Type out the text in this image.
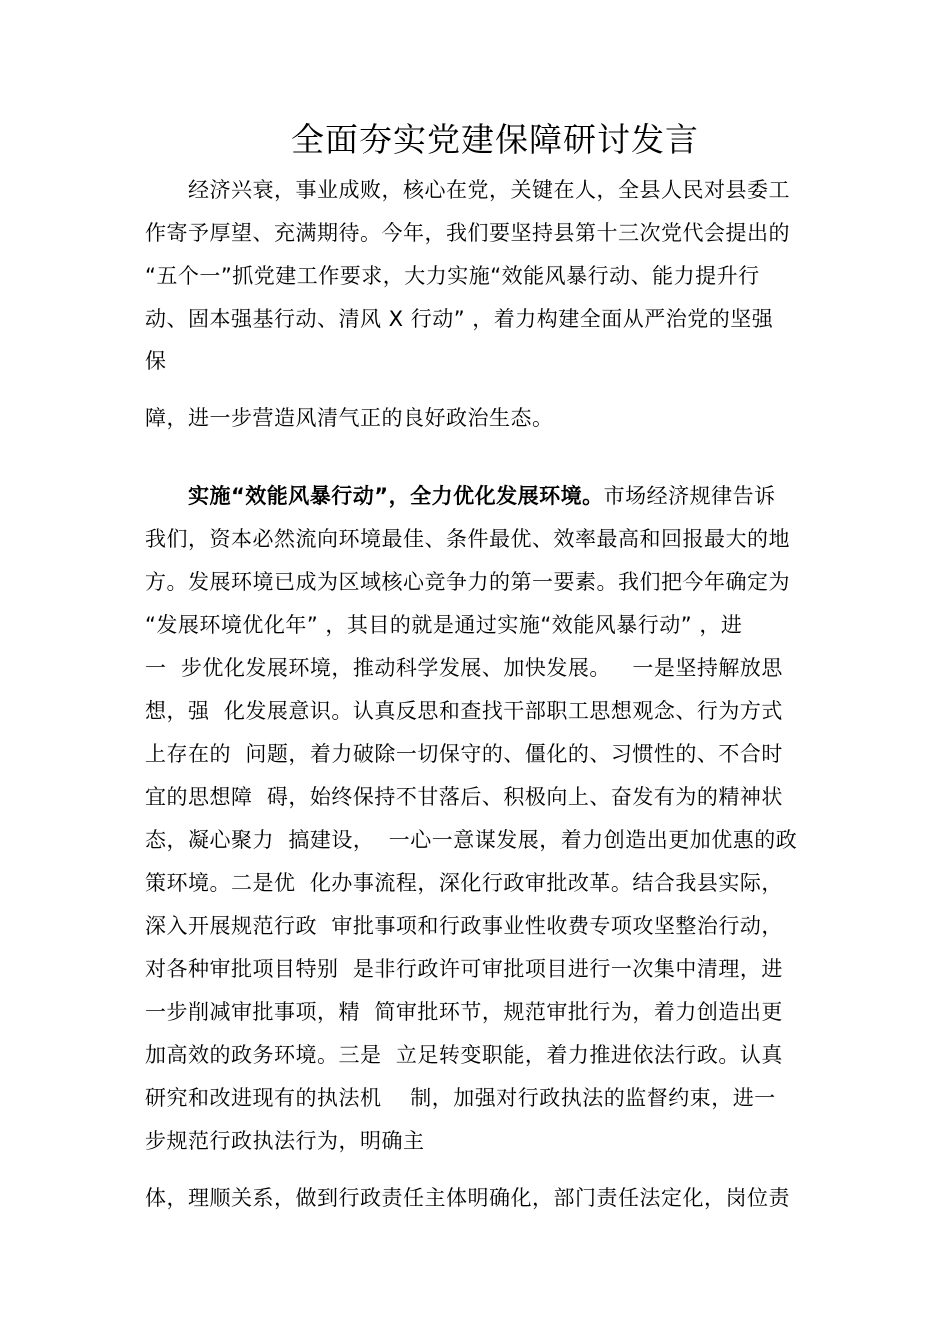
全面夯实党建保障研讨发言
经济兴衰，事业成败，核心在党，关键在人，全县人民对县委工
作寄予厚望、充满期待。今年，我们要坚持县第十三次党代会提出的
“五个一”抓党建工作要求，大力实施“效能风暴行动、能力提升行
动、固本强基行动、清风 X 行动” ，着力构建全面从严治党的坚强
保
障，进一步营造风清气正的良好政治生态。
实施“效能风暴行动”，全力优化发展环境。市场经济规律告诉
我们，资本必然流向环境最佳、条件最优、效率最高和回报最大的地
方。发展环境已成为区域核心竞争力的第一要素。我们把今年确定为
“发展环境优化年” ，其目的就是通过实施“效能风暴行动” ，进
一  步优化发展环境，推动科学发展、加快发展。   一是坚持解放思
想，强  化发展意识。认真反思和查找干部职工思想观念、行为方式
上存在的  问题，着力破除一切保守的、僵化的、习惯性的、不合时
宜的思想障  碍，始终保持不甘落后、积极向上、奋发有为的精神状
态，凝心聚力  搞建设，  一心一意谋发展，着力创造出更加优惠的政
策环境。二是优  化办事流程，深化行政审批改革。结合我县实际，
深入开展规范行政  审批事项和行政事业性收费专项攻坚整治行动，
对各种审批项目特别  是非行政许可审批项目进行一次集中清理，进
一步削减审批事项，精  简审批环节，规范审批行为，着力创造出更
加高效的政务环境。三是  立足转变职能，着力推进依法行政。认真
研究和改进现有的执法机    制，加强对行政执法的监督约束，进一
步规范行政执法行为，明确主
体，理顺关系，做到行政责任主体明确化，部门责任法定化，岗位责
